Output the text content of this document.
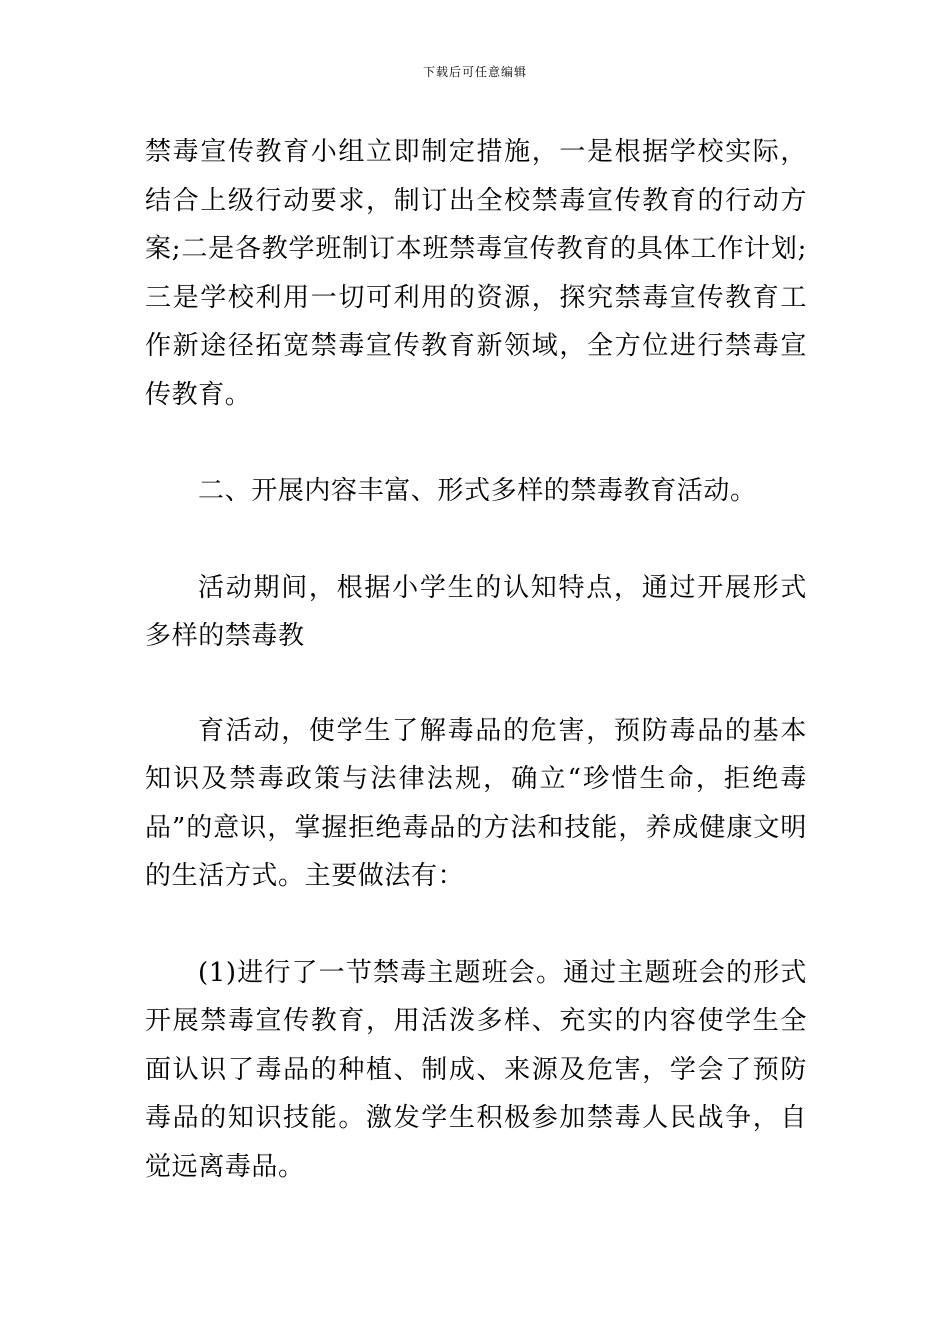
下载后可任意编辑

禁毒宣传教育小组立即制定措施，一是根据学校实际，结合上级行动要求，制订出全校禁毒宣传教育的行动方案;二是各教学班制订本班禁毒宣传教育的具体工作计划;三是学校利用一切可利用的资源，探究禁毒宣传教育工作新途径拓宽禁毒宣传教育新领域，全方位进行禁毒宣传教育。

二、开展内容丰富、形式多样的禁毒教育活动。

活动期间，根据小学生的认知特点，通过开展形式多样的禁毒教

育活动，使学生了解毒品的危害，预防毒品的基本知识及禁毒政策与法律法规，确立“珍惜生命，拒绝毒品”的意识，掌握拒绝毒品的方法和技能，养成健康文明的生活方式。主要做法有：

(1)进行了一节禁毒主题班会。通过主题班会的形式开展禁毒宣传教育，用活泼多样、充实的内容使学生全面认识了毒品的种植、制成、来源及危害，学会了预防毒品的知识技能。激发学生积极参加禁毒人民战争，自觉远离毒品。
